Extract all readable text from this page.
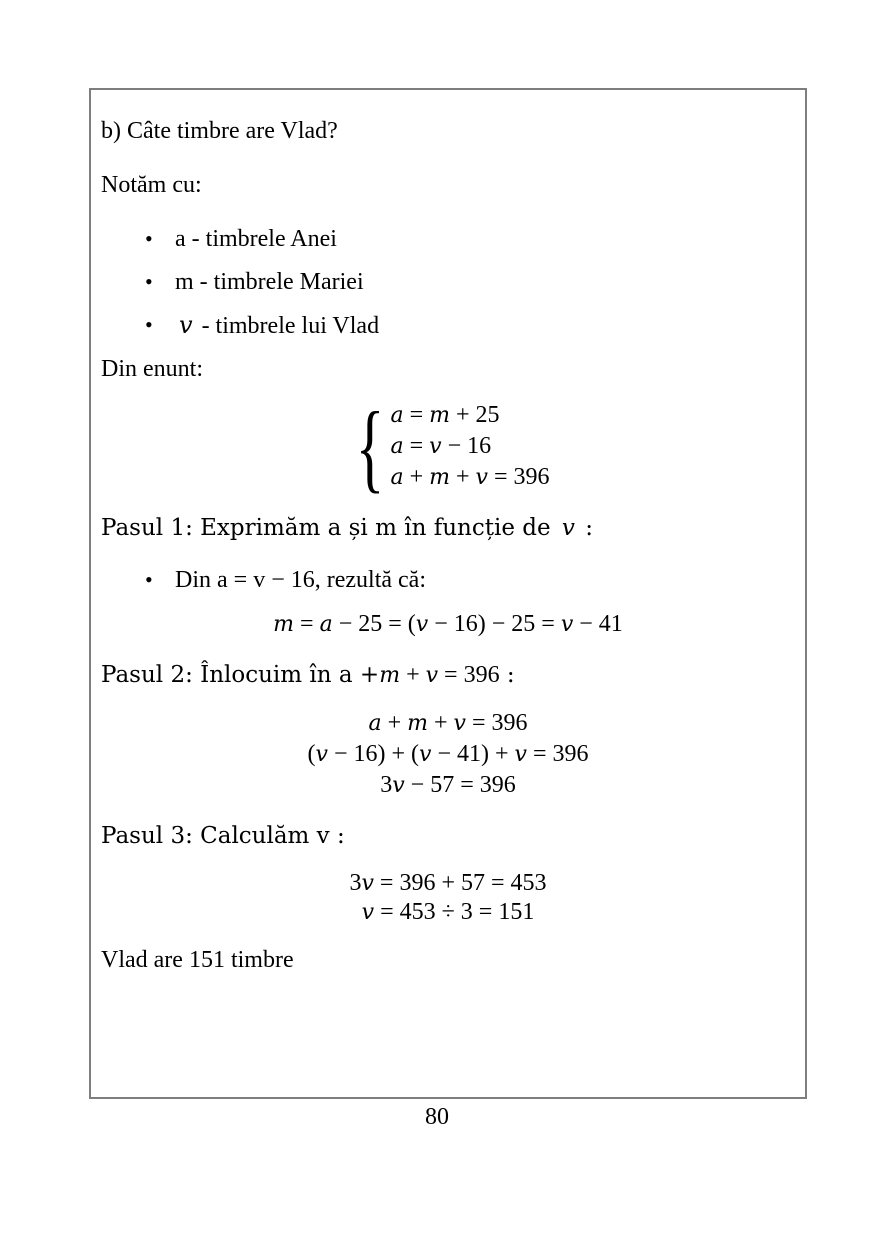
b) Câte timbre are Vlad?

Notăm cu:

• a - timbrele Anei
• m - timbrele Mariei
• v - timbrele lui Vlad

Din enunt:

{ a = m + 25
a = v − 16
a + m + v = 396

Pasul 1: Exprimăm a și m în funcție de v :

• Din a = v − 16, rezultă că:
m = a − 25 = (v − 16) − 25 = v − 41

Pasul 2: Înlocuim în a +m + v = 396 :

a + m + v = 396
(v − 16) + (v − 41) + v = 396
3v − 57 = 396

Pasul 3: Calculăm v :

3v = 396 + 57 = 453
v = 453 ÷ 3 = 151

Vlad are 151 timbre

80
